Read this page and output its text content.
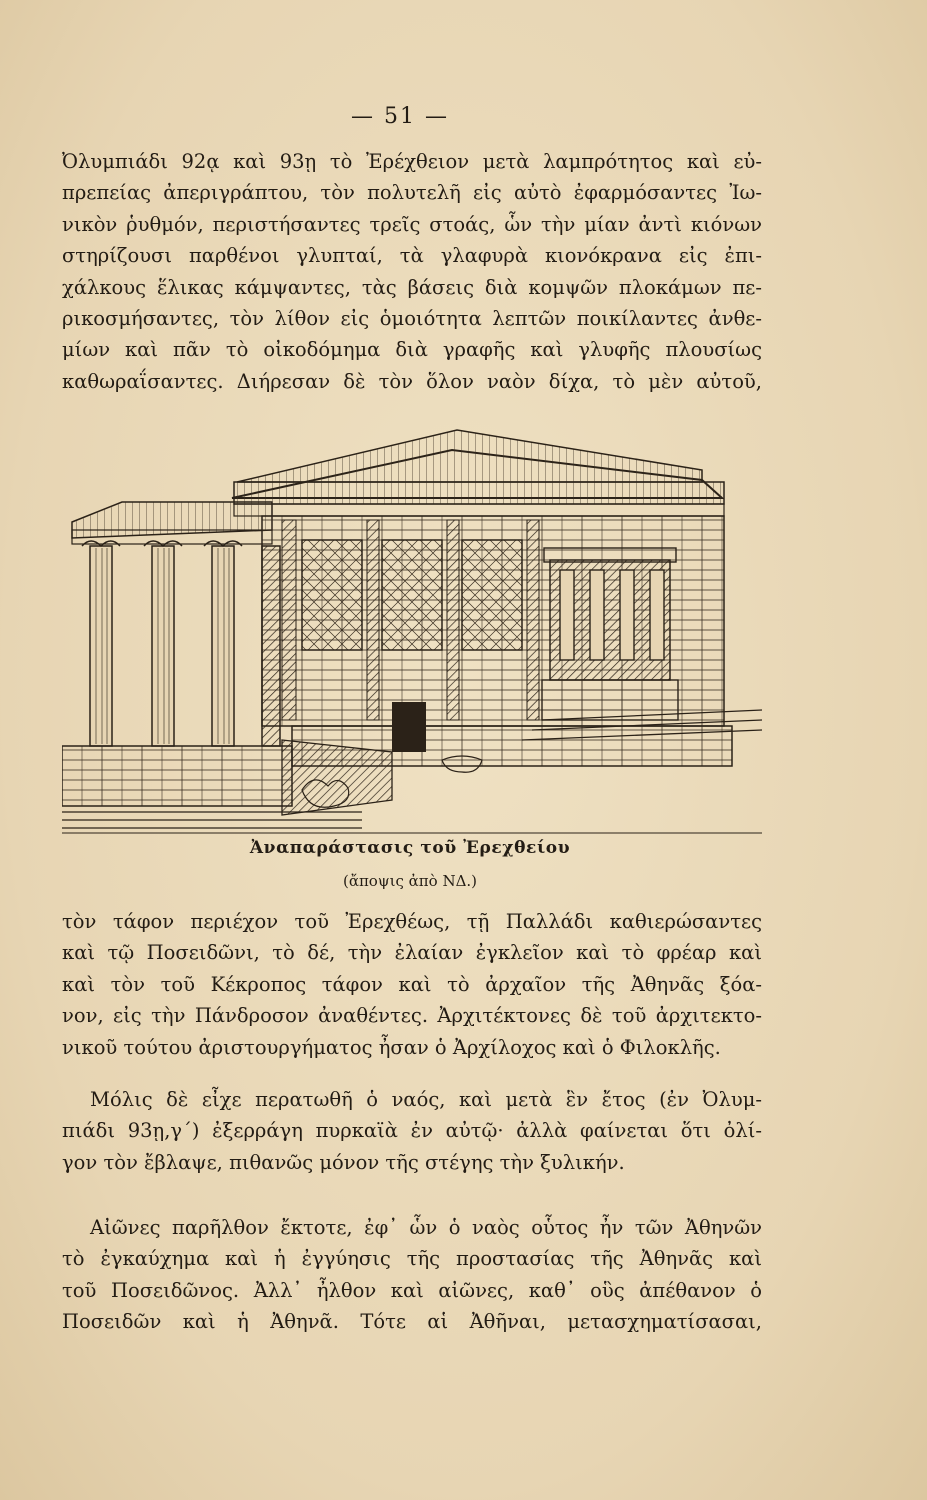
— 51 —
Ὀλυμπιάδι 92ᾳ καὶ 93ῃ τὸ Ἐρέχθειον μετὰ λαμπρότητος καὶ εὐ-
πρεπείας ἀπεριγράπτου, τὸν πολυτελῆ εἰς αὐτὸ ἐφαρμόσαντες Ἰω-
νικὸν ῥυθμόν, περιστήσαντες τρεῖς στοάς, ὧν τὴν μίαν ἀντὶ κιόνων
στηρίζουσι παρθένοι γλυπταί, τὰ γλαφυρὰ κιονόκρανα εἰς ἐπι-
χάλκους ἕλικας κάμψαντες, τὰς βάσεις διὰ κομψῶν πλοκάμων πε-
ρικοσμήσαντες, τὸν λίθον εἰς ὁμοιότητα λεπτῶν ποικίλαντες ἀνθε-
μίων καὶ πᾶν τὸ οἰκοδόμημα διὰ γραφῆς καὶ γλυφῆς πλουσίως
καθωραΐσαντες. Διήρεσαν δὲ τὸν ὅλον ναὸν δίχα, τὸ μὲν αὐτοῦ,
Ἀναπαράστασις τοῦ Ἐρεχθείου
(ἄποψις ἀπὸ ΝΔ.)
τὸν τάφον περιέχον τοῦ Ἐρεχθέως, τῇ Παλλάδι καθιερώσαντες
καὶ τῷ Ποσειδῶνι, τὸ δέ, τὴν ἐλαίαν ἐγκλεῖον καὶ τὸ φρέαρ καὶ
καὶ τὸν τοῦ Κέκροπος τάφον καὶ τὸ ἀρχαῖον τῆς Ἀθηνᾶς ξόα-
νον, εἰς τὴν Πάνδροσον ἀναθέντες. Ἀρχιτέκτονες δὲ τοῦ ἀρχιτεκτο-
νικοῦ τούτου ἀριστουργήματος ἦσαν ὁ Ἀρχίλοχος καὶ ὁ Φιλοκλῆς.
Μόλις δὲ εἶχε περατωθῆ ὁ ναός, καὶ μετὰ ἓν ἔτος (ἐν Ὀλυμ-
πιάδι 93ῃ,γ΄) ἐξερράγη πυρκαϊὰ ἐν αὐτῷ· ἀλλὰ φαίνεται ὅτι ὀλί-
γον τὸν ἔβλαψε, πιθανῶς μόνον τῆς στέγης τὴν ξυλικήν.
Αἰῶνες παρῆλθον ἔκτοτε, ἐφ᾽ ὧν ὁ ναὸς οὗτος ἦν τῶν Ἀθηνῶν
τὸ ἐγκαύχημα καὶ ἡ ἐγγύησις τῆς προστασίας τῆς Ἀθηνᾶς καὶ
τοῦ Ποσειδῶνος. Ἀλλ᾽ ἦλθον καὶ αἰῶνες, καθ᾽ οὓς ἀπέθανον ὁ
Ποσειδῶν καὶ ἡ Ἀθηνᾶ. Τότε αἱ Ἀθῆναι, μετασχηματίσασαι,
